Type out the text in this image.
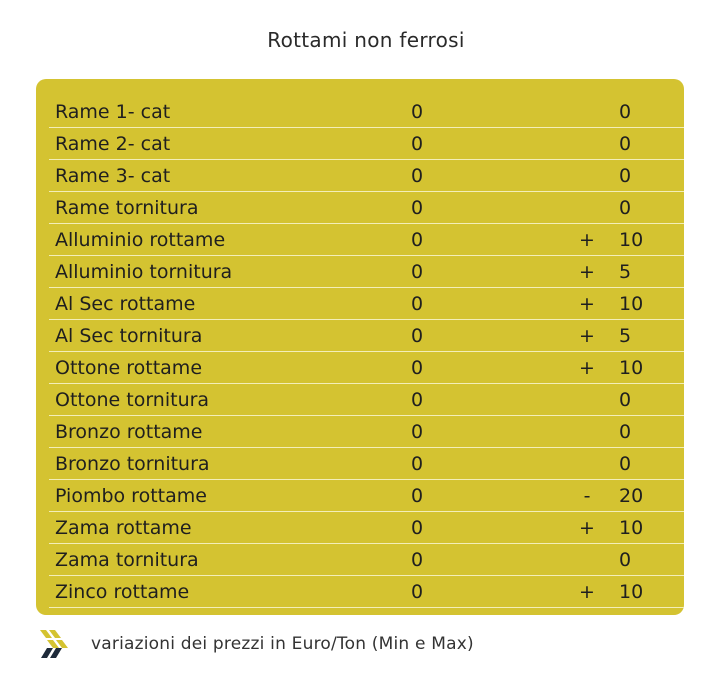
Rottami non ferrosi
Rame 1- cat	0	0
Rame 2- cat	0	0
Rame 3- cat	0	0
Rame tornitura	0	0
Alluminio rottame	0	+ 10
Alluminio tornitura	0	+ 5
Al Sec rottame	0	+ 10
Al Sec tornitura	0	+ 5
Ottone rottame	0	+ 10
Ottone tornitura	0	0
Bronzo rottame	0	0
Bronzo tornitura	0	0
Piombo rottame	0	- 20
Zama rottame	0	+ 10
Zama tornitura	0	0
Zinco rottame	0	+ 10
variazioni dei prezzi in Euro/Ton (Min e Max)
